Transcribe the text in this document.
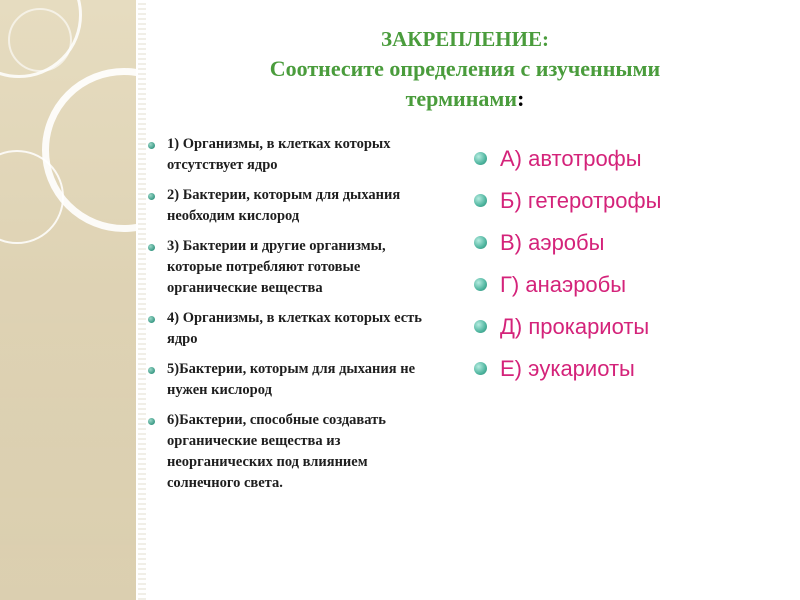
ЗАКРЕПЛЕНИЕ:
Соотнесите определения с изученными
терминами:
1) Организмы, в клетках которых отсутствует ядро
2) Бактерии, которым для дыхания необходим кислород
3) Бактерии и другие организмы, которые потребляют готовые органические вещества
4) Организмы, в клетках которых есть ядро
5)Бактерии, которым для дыхания не нужен кислород
6)Бактерии, способные создавать органические вещества из неорганических под влиянием солнечного света.
А) автотрофы
Б) гетеротрофы
В) аэробы
Г) анаэробы
Д) прокариоты
Е) эукариоты
